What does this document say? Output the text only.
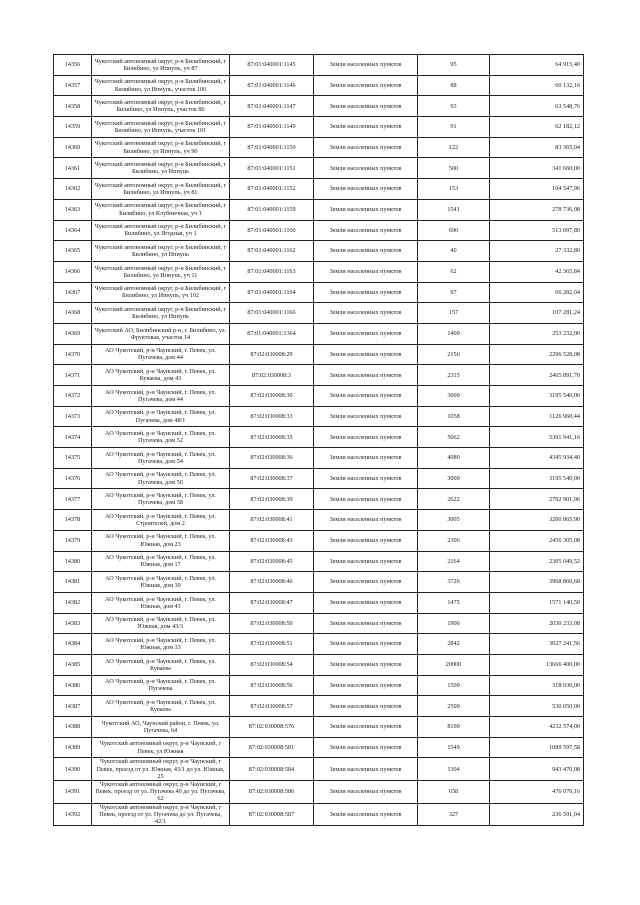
14356	Чукотский автономный округ, р-н Билибинский, г Билибино, ул Ипнупь, уч 87	87:01:040001:1145	Земли населенных пунктов	95	64 915,40
14357	Чукотский автономный округ, р-н Билибинский, г Билибино, ул Ипнупь, участок 100	87:01:040001:1146	Земли населенных пунктов	88	60 132,16
14358	Чукотский автономный округ, р-н Билибинский, г Билибино, ул Ипнупь, участок 86	87:01:040001:1147	Земли населенных пунктов	93	63 548,76
14359	Чукотский автономный округ, р-н Билибинский, г Билибино, ул Ипнупь, участок 101	87:01:040001:1149	Земли населенных пунктов	91	62 182,12
14360	Чукотский автономный округ, р-н Билибинский, г Билибино, ул Ипнупь, уч 90	87:01:040001:1150	Земли населенных пунктов	122	83 365,04
14361	Чукотский автономный округ, р-н Билибинский, г Билибино, ул Ипнупь	87:01:040001:1151	Земли населенных пунктов	500	341 660,00
14362	Чукотский автономный округ, р-н Билибинский, г Билибино, ул Ипнупь, уч 81	87:01:040001:1152	Земли населенных пунктов	153	104 547,96
14363	Чукотский автономный округ, р-н Билибинский, г Билибино, ул Клубничная, уч 1	87:01:040001:1159	Земли населенных пунктов	1541	278 736,08
14364	Чукотский автономный округ, р-н Билибинский, г Билибино, ул Ягодная, уч 1	87:01:040001:1160	Земли населенных пунктов	690	513 097,80
14365	Чукотский автономный округ, р-н Билибинский, г Билибино, ул Ипнупь	87:01:040001:1162	Земли населенных пунктов	40	27 332,80
14366	Чукотский автономный округ, р-н Билибинский, г Билибино, ул Ипнупь, уч 11	87:01:040001:1163	Земли населенных пунктов	62	42 365,84
14367	Чукотский автономный округ, р-н Билибинский, г Билибино, ул Ипнупь, уч 102	87:01:040001:1164	Земли населенных пунктов	97	66 282,04
14368	Чукотский автономный округ, р-н Билибинский, г Билибино, ул Ипнупь	87:01:040001:1166	Земли населенных пунктов	157	107 281,24
14369	Чукотский АО, Билибинский р-н, г. Билибино, ул. Фруктовая, участок 14	87:01:040001:1364	Земли населенных пунктов	1400	253 232,00
14370	АО Чукотский, р-н Чаунский, г. Певек, ул. Пугачева, дом 44	87:02:030008:29	Земли населенных пунктов	2156	2296 528,08
14371	АО Чукотский, р-н Чаунский, г. Певек, ул. Куваева, дом 43	87:02:030008:3	Земли населенных пунктов	2315	2465 891,70
14372	АО Чукотский, р-н Чаунский, г. Певек, ул. Пугачева, дом 44	87:02:030008:30	Земли населенных пунктов	3000	3195 540,00
14373	АО Чукотский, р-н Чаунский, г. Певек, ул. Пугачева, дом 48/1	87:02:030008:33	Земли населенных пунктов	1058	1126 960,44
14374	АО Чукотский, р-н Чаунский, г. Певек, ул. Пугачева, дом 52	87:02:030008:35	Земли населенных пунктов	5062	5391 941,16
14375	АО Чукотский, р-н Чаунский, г. Певек, ул. Пугачева, дом 54	87:02:030008:36	Земли населенных пунктов	4080	4345 934,40
14376	АО Чукотский, р-н Чаунский, г. Певек, ул. Пугачева, дом 56	87:02:030008:37	Земли населенных пунктов	3000	3195 540,00
14377	АО Чукотский, р-н Чаунский, г. Певек, ул. Пугачева, дом 58	87:02:030008:39	Земли населенных пунктов	2622	2792 901,96
14378	АО Чукотский, р-н Чаунский, г. Певек, ул. Строителей, дом 2	87:02:030008:41	Земли населенных пунктов	3005	3200 865,90
14379	АО Чукотский, р-н Чаунский, г. Певек, ул. Южная, дом 23	87:02:030008:43	Земли населенных пунктов	2306	2456 305,08
14380	АО Чукотский, р-н Чаунский, г. Певек, ул. Южная, дом 17	87:02:030008:45	Земли населенных пунктов	2164	2305 049,52
14381	АО Чукотский, р-н Чаунский, г. Певек, ул. Южная, дом 39	87:02:030008:46	Земли населенных пунктов	3726	3968 860,68
14382	АО Чукотский, р-н Чаунский, г. Певек, ул. Южная, дом 43	87:02:030008:47	Земли населенных пунктов	1475	1571 140,50
14383	АО Чукотский, р-н Чаунский, г. Певек, ул. Южная, дом 43/3	87:02:030008:50	Земли населенных пунктов	1906	2030 233,08
14384	АО Чукотский, р-н Чаунский, г. Певек, ул. Южная, дом 33	87:02:030008:51	Земли населенных пунктов	2842	3027 241,56
14385	АО Чукотский, р-н Чаунский, г. Певек, ул. Куваева	87:02:030008:54	Земли населенных пунктов	20000	13666 400,00
14386	АО Чукотский, р-н Чаунский, г. Певек, ул. Пугачева	87:02:030008:56	Земли населенных пунктов	1500	318 030,00
14387	АО Чукотский, р-н Чаунский, г. Певек, ул. Куваева	87:02:030008:57	Земли населенных пунктов	2500	530 050,00
14388	Чукотский АО, Чаунский район, г. Певек, ул. Пугачева, 64	87:02:030008:576	Земли населенных пунктов	8100	4232 574,00
14389	Чукотский автономный округ, р-н Чаунский, г Певек, ул Южная	87:02:030008:581	Земли населенных пунктов	1549	1089 597,58
14390	Чукотский автономный округ, р-н Чаунский, г Певек, проезд от ул. Южная, 43/1 до ул. Южная, 25	87:02:030008:584	Земли населенных пунктов	1304	943 470,08
14391	Чукотский автономный округ, р-н Чаунский, г Певек, проезд от ул. Пугачева 40 до ул. Пугачева, 62	87:02:030008:586	Земли населенных пунктов	658	476 076,16
14392	Чукотский автономный округ, р-н Чаунский, г Певек, проезд от ул. Пугачева до ул. Пугачева, 42/1	87:02:030008:587	Земли населенных пунктов	327	236 591,04
